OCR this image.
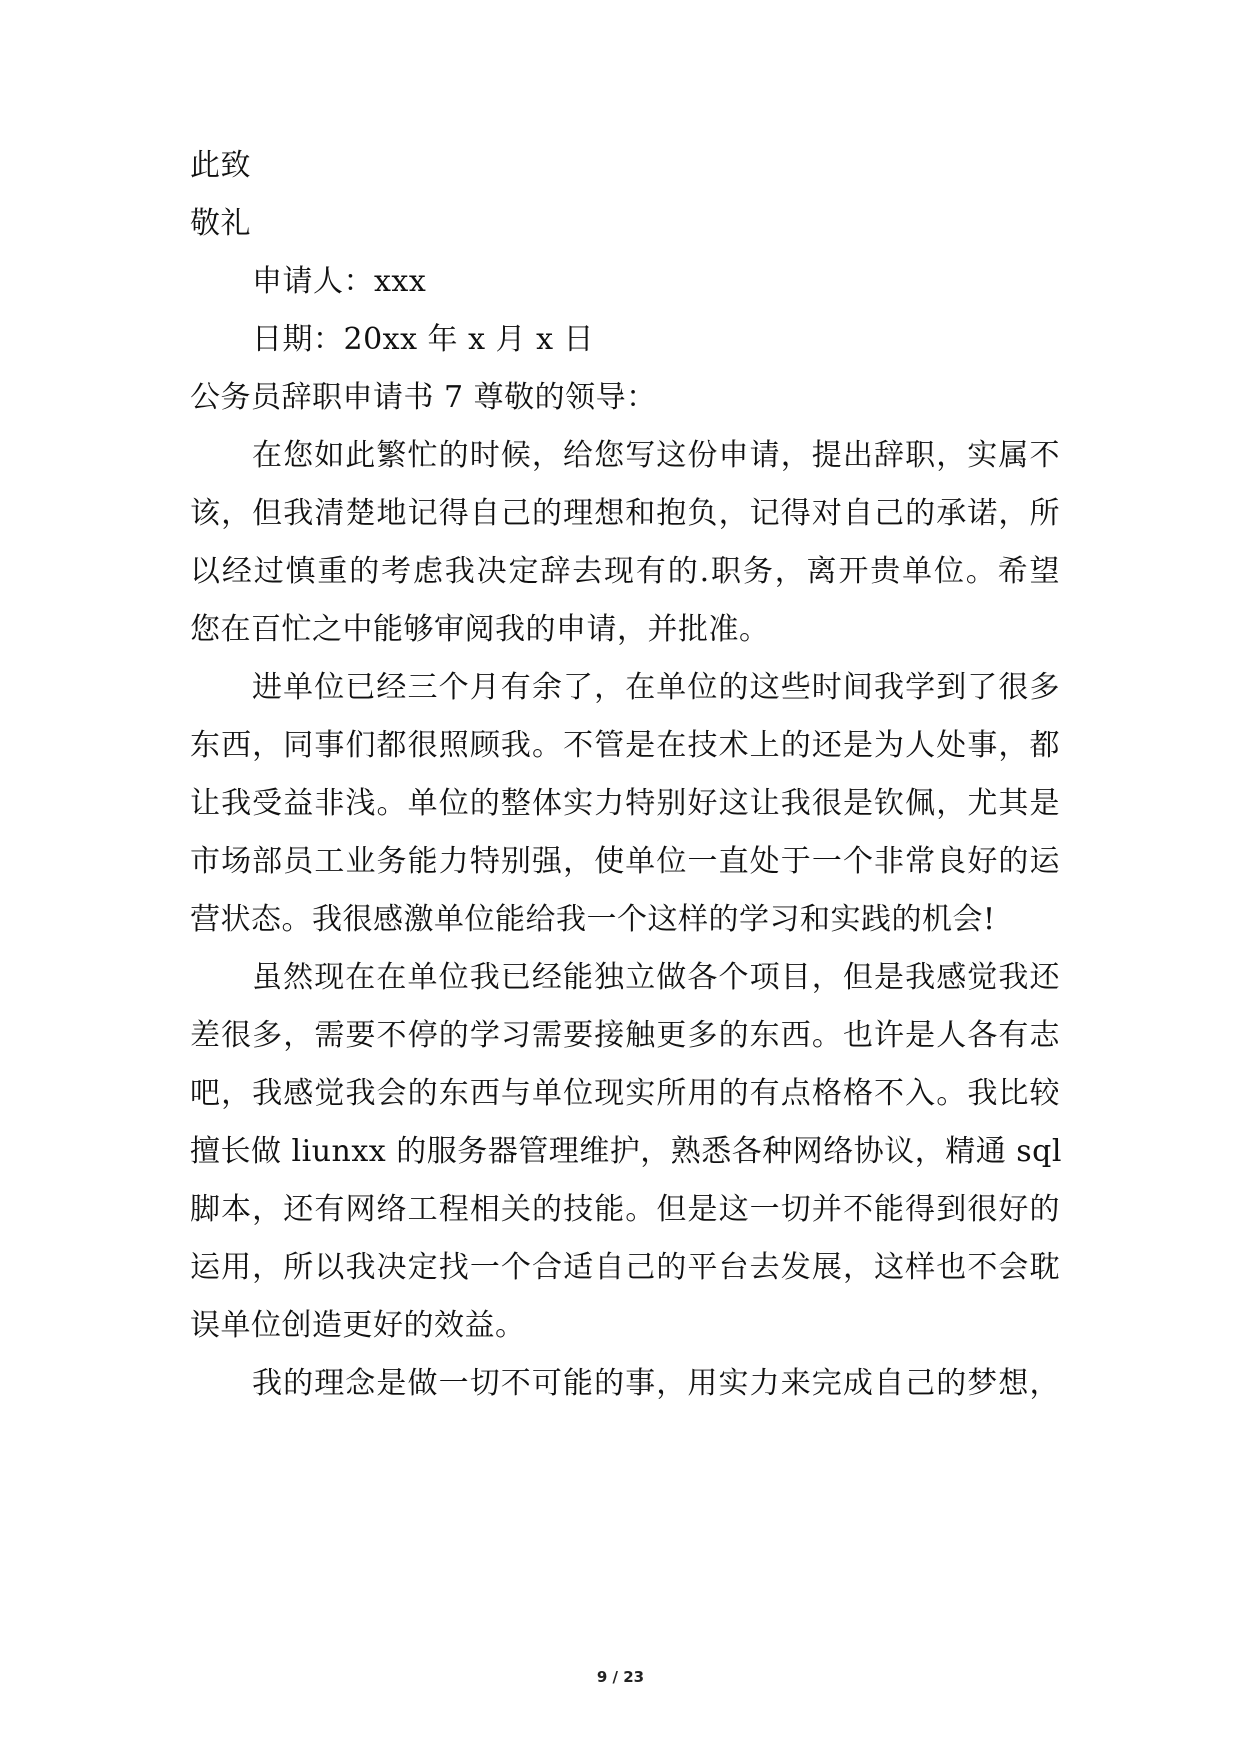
此致
敬礼
申请人：xxx
日期：20xx 年 x 月 x 日
公务员辞职申请书 7 尊敬的领导：
在您如此繁忙的时候，给您写这份申请，提出辞职，实属不
该，但我清楚地记得自己的理想和抱负，记得对自己的承诺，所
以经过慎重的考虑我决定辞去现有的.职务，离开贵单位。希望
您在百忙之中能够审阅我的申请，并批准。
进单位已经三个月有余了，在单位的这些时间我学到了很多
东西，同事们都很照顾我。不管是在技术上的还是为人处事，都
让我受益非浅。单位的整体实力特别好这让我很是钦佩，尤其是
市场部员工业务能力特别强，使单位一直处于一个非常良好的运
营状态。我很感激单位能给我一个这样的学习和实践的机会!
虽然现在在单位我已经能独立做各个项目，但是我感觉我还
差很多，需要不停的学习需要接触更多的东西。也许是人各有志
吧，我感觉我会的东西与单位现实所用的有点格格不入。我比较
擅长做 liunxx 的服务器管理维护，熟悉各种网络协议，精通 sql
脚本，还有网络工程相关的技能。但是这一切并不能得到很好的
运用，所以我决定找一个合适自己的平台去发展，这样也不会耽
误单位创造更好的效益。
我的理念是做一切不可能的事，用实力来完成自己的梦想，
9 / 23
